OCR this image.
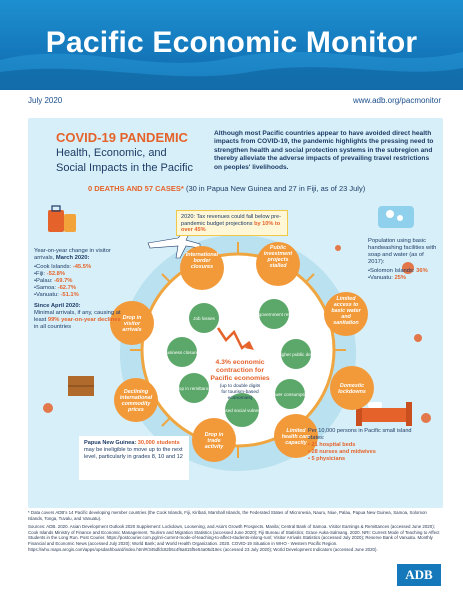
Pacific Economic Monitor
July 2020	www.adb.org/pacmonitor
COVID-19 PANDEMIC
Health, Economic, and
Social Impacts in the Pacific
Although most Pacific countries appear to have avoided direct health impacts from COVID-19, the pandemic highlights the pressing need to strengthen health and social protection systems in the subregion and thereby alleviate the adverse impacts of prevailing travel restrictions on peoples' livelihoods.
0 DEATHS AND 57 CASES* (30 in Papua New Guinea and 27 in Fiji, as of 23 July)
International border closures
Public investment projects stalled
Limited access to basic water and sanitation
Domestic lockdowns
Limited health care capacity
Drop in trade activity
Declining international commodity prices
Drop in visitor arrivals
Job losses
Lower government revenues
Higher public debt
Lower consumption
Increased social vulnerability
Drop in remittances
Business closures
4.3% economic
contraction for
Pacific economies
(up to double digits
for tourism-based
economies)
2020: Tax revenues could fall below pre-pandemic budget projections by 10% to over 45%
Year-on-year change in visitor arrivals, March 2020:
• Cook Islands: -45.5%
• Fiji: -52.8%
• Palau: -69.7%
• Samoa: -62.7%
• Vanuatu: -51.1%
Since April 2020:
Minimal arrivals, if any, causing at least 99% year-on-year declines in all countries
Population using basic handwashing facilities with soap and water (as of 2017):
• Solomon Islands: 36%
• Vanuatu: 25%
Papua New Guinea: 30,000 students may be ineligible to move up to the next level, particularly in grades 8, 10 and 12
Per 10,000 persons in Pacific small island states:
• 21 hospital beds
• 28 nurses and midwives
• 5 physicians
* Data covers ADB's 14 Pacific developing member countries (the Cook Islands, Fiji, Kiribati, Marshall Islands, the Federated States of Micronesia, Nauru, Niue, Palau, Papua New Guinea, Samoa, Solomon Islands, Tonga, Tuvalu, and Vanuatu).
Sources: ADB. 2020. Asian Development Outlook 2020 Supplement: Lockdown, Loosening, and Asia's Growth Prospects. Manila; Central Bank of Samoa. Visitor Earnings & Remittances (accessed June 2020); Cook Islands Ministry of Finance and Economic Management. Tourism and Migration Statistics (accessed June 2020); Fiji Bureau of Statistics; Grace Auka-Salmang. 2020. NRI: Current Mode of Teaching to Affect Students in the Long Run. Post Courier. https://postcourier.com.pg/nri-current-mode-of-teaching-to-affect-students-inlong-run/; Visitor Arrivals Statistics (accessed July 2020); Reserve Bank of Vanuatu. Monthly Financial and Economic News (accessed July 2020); World Bank; and World Health Organization. 2020. COVID-19 Situation in WHO - Western Pacific Region. https://who.maps.arcgis.com/apps/opsdashboard/index.html#/345dfdc82b5c4f6a815f5e54a05d18ec (accessed 23 July 2020); World Development Indicators (accessed June 2020).
ADB
